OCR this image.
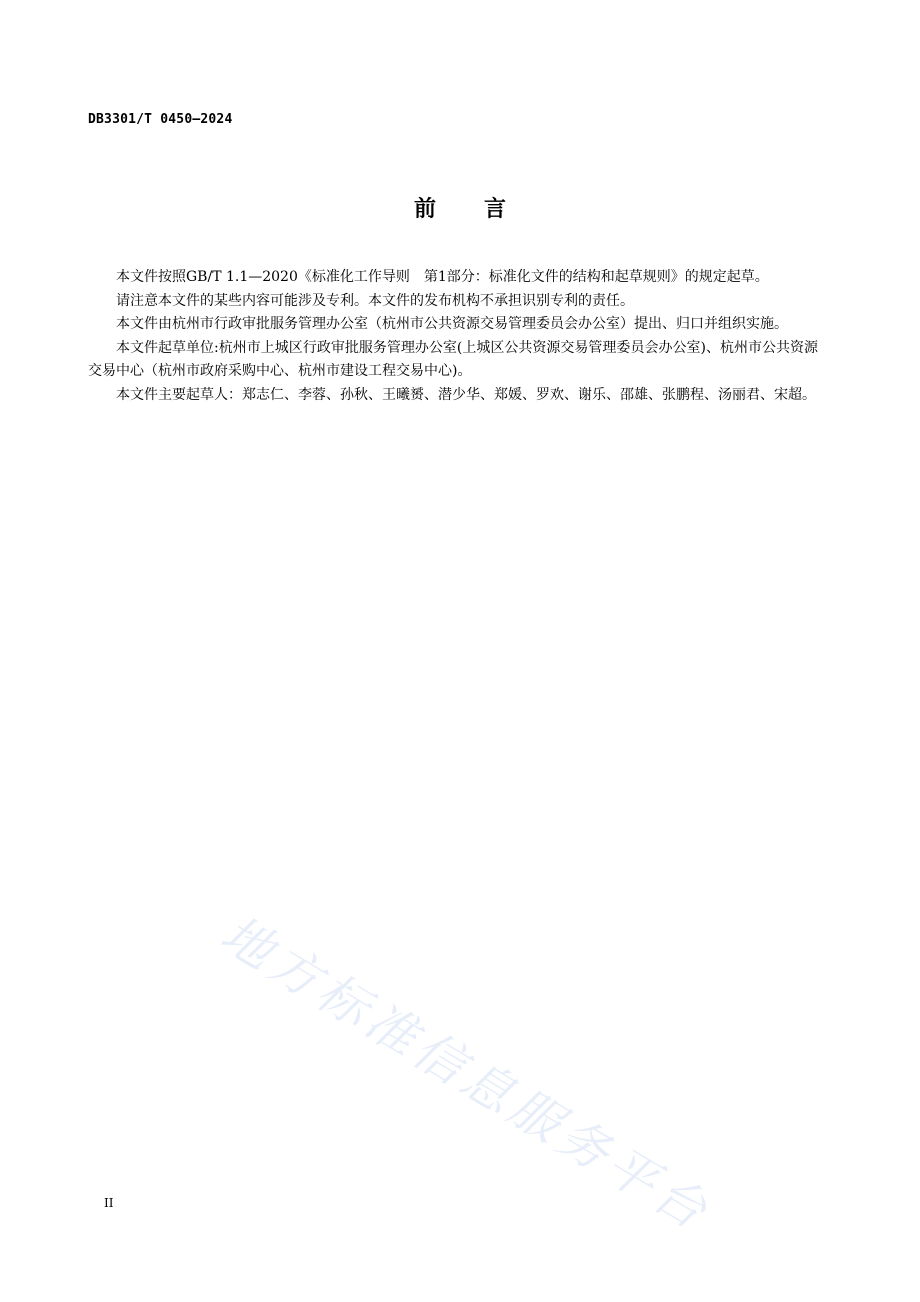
DB3301/T 0450—2024
前 言

本文件按照GB/T 1.1—2020《标准化工作导则　第1部分：标准化文件的结构和起草规则》的规定起草。

请注意本文件的某些内容可能涉及专利。本文件的发布机构不承担识别专利的责任。

本文件由杭州市行政审批服务管理办公室（杭州市公共资源交易管理委员会办公室）提出、归口并组织实施。

本文件起草单位:杭州市上城区行政审批服务管理办公室(上城区公共资源交易管理委员会办公室)、杭州市公共资源交易中心（杭州市政府采购中心、杭州市建设工程交易中心)。

本文件主要起草人：郑志仁、李蓉、孙秋、王曦赟、潜少华、郑媛、罗欢、谢乐、邵雄、张鹏程、汤丽君、宋超。

地方标准信息服务平台
II
